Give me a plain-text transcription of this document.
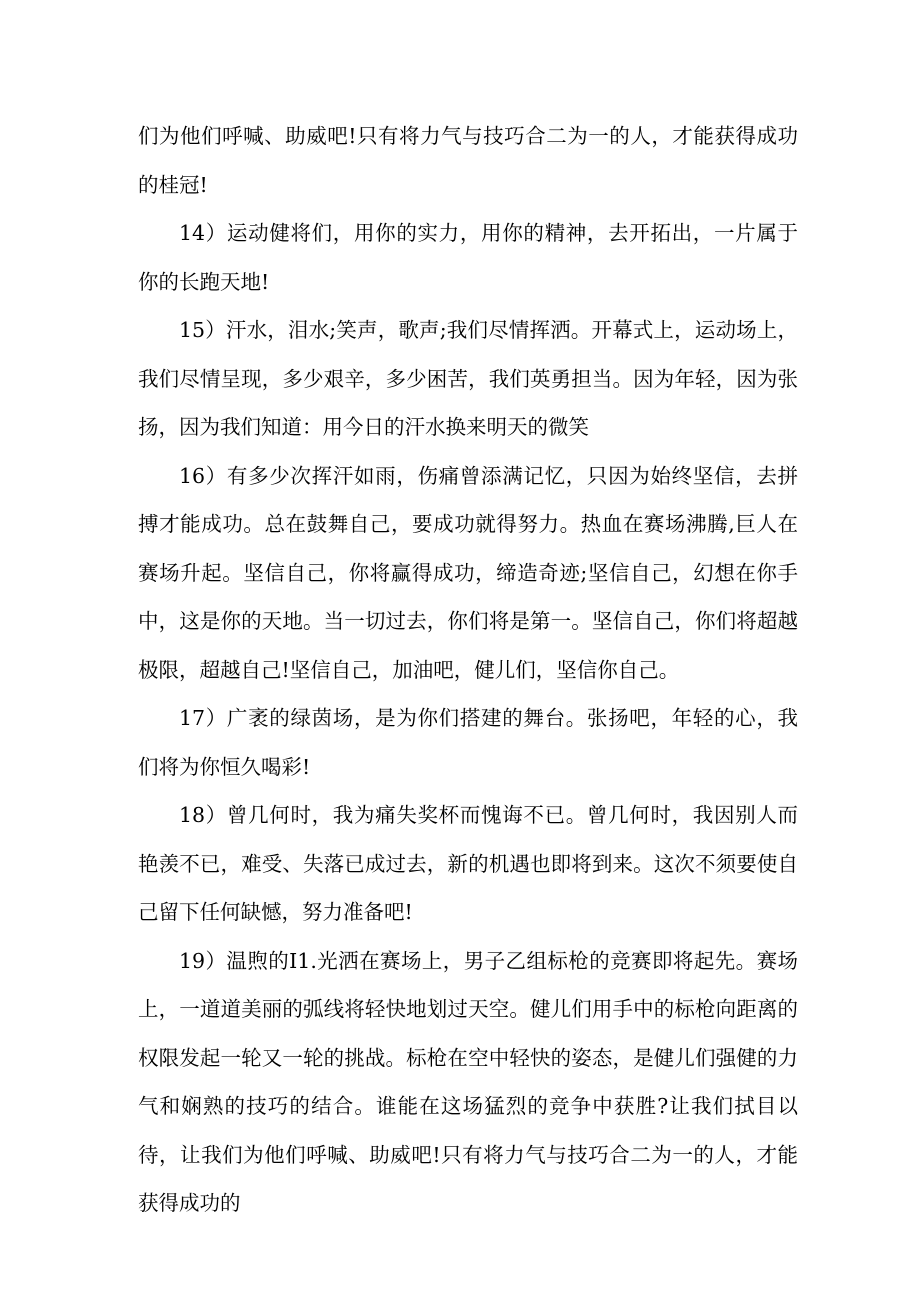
们为他们呼喊、助威吧!只有将力气与技巧合二为一的人，才能获得成功的桂冠!

14）运动健将们，用你的实力，用你的精神，去开拓出，一片属于你的长跑天地!

15）汗水，泪水;笑声，歌声;我们尽情挥洒。开幕式上，运动场上，我们尽情呈现，多少艰辛，多少困苦，我们英勇担当。因为年轻，因为张扬，因为我们知道：用今日的汗水换来明天的微笑

16）有多少次挥汗如雨，伤痛曾添满记忆，只因为始终坚信，去拼搏才能成功。总在鼓舞自己，要成功就得努力。热血在赛场沸腾,巨人在赛场升起。坚信自己，你将赢得成功，缔造奇迹;坚信自己，幻想在你手中，这是你的天地。当一切过去，你们将是第一。坚信自己，你们将超越极限，超越自己!坚信自己，加油吧，健儿们，坚信你自己。

17）广袤的绿茵场，是为你们搭建的舞台。张扬吧，年轻的心，我们将为你恒久喝彩!

18）曾几何时，我为痛失奖杯而愧诲不已。曾几何时，我因别人而艳羡不已，难受、失落已成过去，新的机遇也即将到来。这次不须要使自己留下任何缺憾，努力准备吧!

19）温煦的I1.光洒在赛场上，男子乙组标枪的竞赛即将起先。赛场上，一道道美丽的弧线将轻快地划过天空。健儿们用手中的标枪向距离的权限发起一轮又一轮的挑战。标枪在空中轻快的姿态，是健儿们强健的力气和娴熟的技巧的结合。谁能在这场猛烈的竞争中获胜?让我们拭目以待，让我们为他们呼喊、助威吧!只有将力气与技巧合二为一的人，才能获得成功的
